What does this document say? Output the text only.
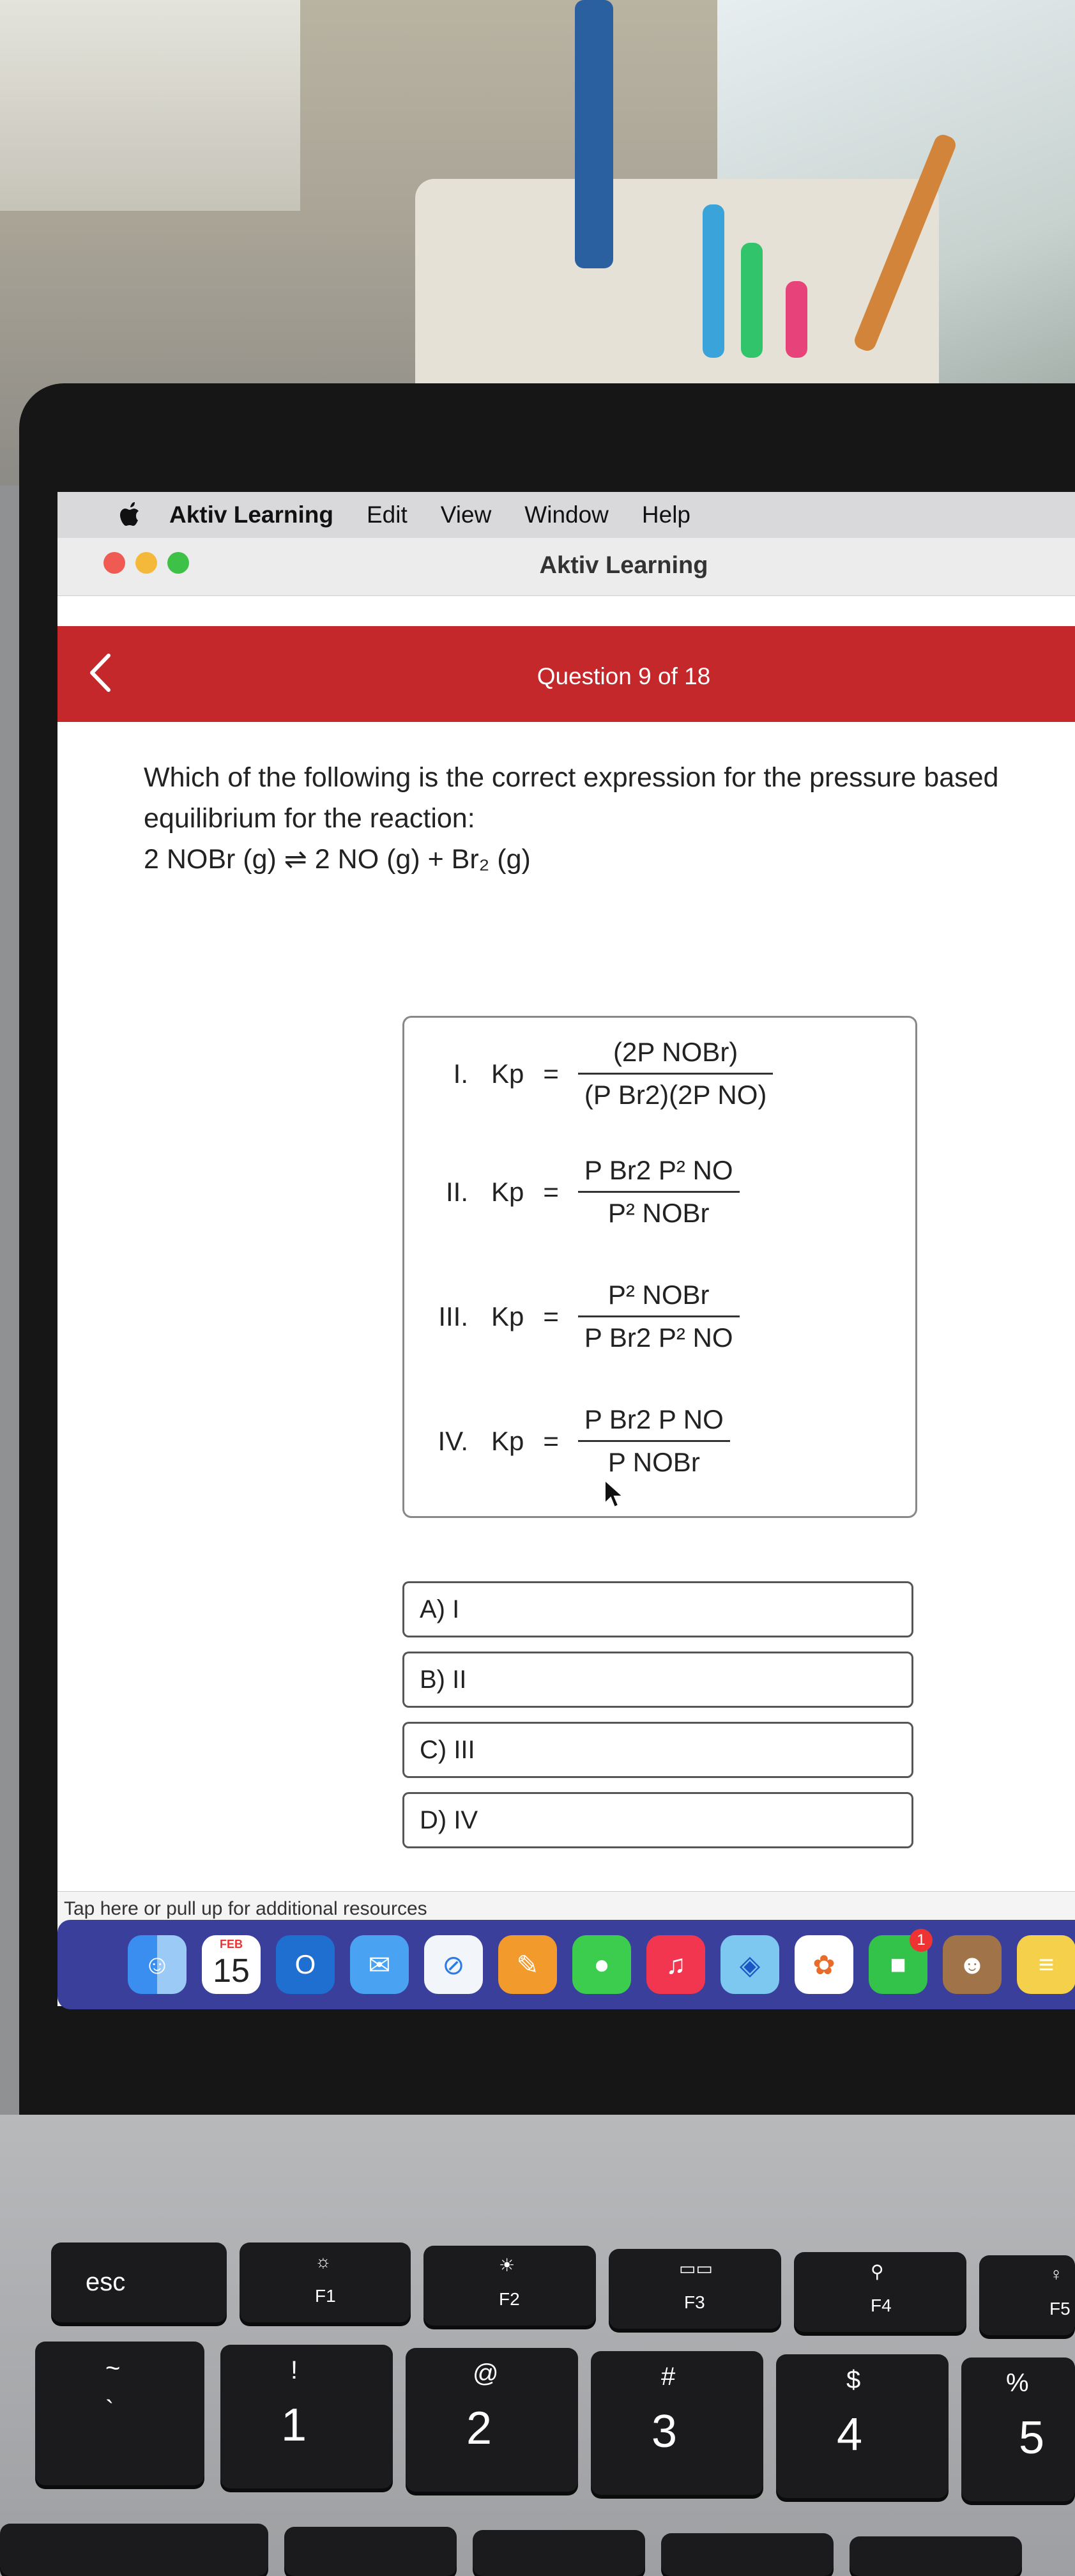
Aktiv Learning Edit View Window Help
Aktiv Learning
Question 9 of 18
Which of the following is the correct expression for the pressure based equilibrium for the reaction:
2 NOBr (g) ⇌ 2 NO (g) + Br₂ (g)
I. $Kp = \frac{\text{(2P NOBr)}}{\text{(P Br2)(2P NO)}}$
II. $Kp = \frac{\text{P Br2 P² NO}}{\text{P² NOBr}}$
III. $Kp = \frac{\text{P² NOBr}}{\text{P Br2 P² NO}}$
IV. $Kp = \frac{\text{P Br2 P NO}}{\text{P NOBr}}$
A) I
B) II
C) III
D) IV
Tap here or pull up for additional resources
☺
FEB
15	O	✉	⊘	✎	●	♫	◈	✿	■
1
☻	≡
esc
☼
F1
☀
F2
▭▭
F3
⚲
F4
♀
F5
~
`
!
1
@
2
#
3
$
4
%
5
